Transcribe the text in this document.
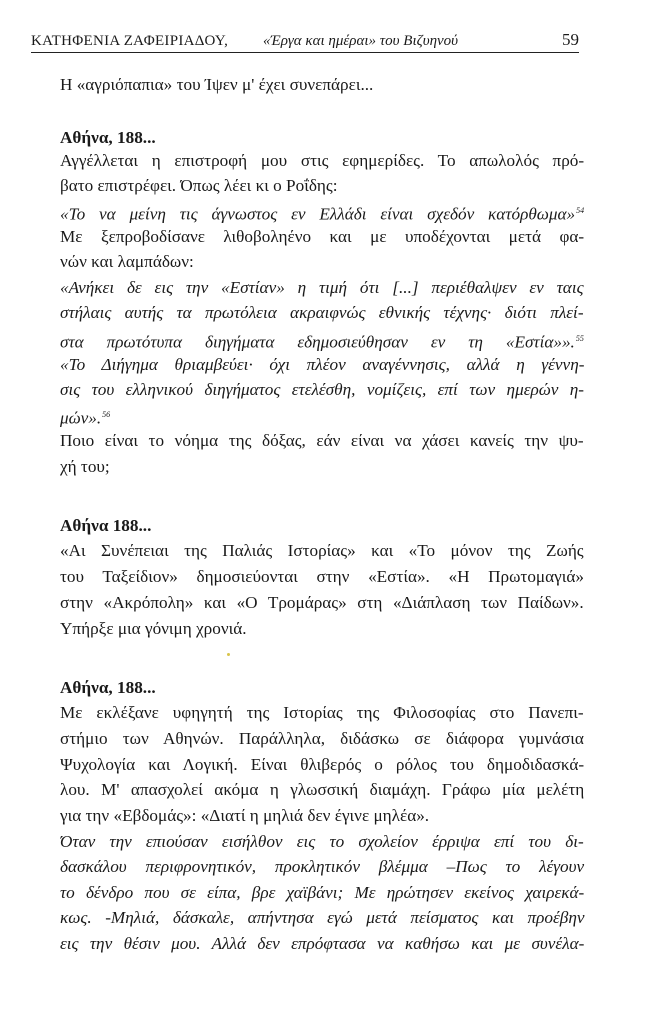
ΚΑΤΗΦΕΝΙΑ ΖΑΦΕΙΡΙΑΔΟΥ, «Έργα και ημέραι» του Βιζυηνού	59
Η «αγριόπαπια» του Ίψεν μ' έχει συνεπάρει...
Αθήνα, 188...
Αγγέλλεται η επιστροφή μου στις εφημερίδες. Το απωλολός πρό-
βατο επιστρέφει. Όπως λέει κι ο Ροΐδης:
«Το να μείνη τις άγνωστος εν Ελλάδι είναι σχεδόν κατόρθωμα»$^{54}$
Με ξεπροβοδίσανε λιθοβοληένο και με υποδέχονται μετά φα-
νών και λαμπάδων:
«Ανήκει δε εις την «Εστίαν» η τιμή ότι [...] περιέθαλψεν εν ταις
στήλαις αυτής τα πρωτόλεια ακραιφνώς εθνικής τέχνης· διότι πλεί-
στα πρωτότυπα διηγήματα εδημοσιεύθησαν εν τη «Εστία»».$^{55}$
«Το Διήγημα θριαμβεύει· όχι πλέον αναγέννησις, αλλά η γέννη-
σις του ελληνικού διηγήματος ετελέσθη, νομίζεις, επί των ημερών η-
μών».$^{56}$
Ποιο είναι το νόημα της δόξας, εάν είναι να χάσει κανείς την ψυ-
χή του;
Αθήνα 188...
«Αι Συνέπειαι της Παλιάς Ιστορίας» και «Το μόνον της Ζωής
του Ταξείδιον» δημοσιεύονται στην «Εστία». «Η Πρωτομαγιά»
στην «Ακρόπολη» και «Ο Τρομάρας» στη «Διάπλαση των Παίδων».
Υπήρξε μια γόνιμη χρονιά.
Αθήνα, 188...
Με εκλέξανε υφηγητή της Ιστορίας της Φιλοσοφίας στο Πανεπι-
στήμιο των Αθηνών. Παράλληλα, διδάσκω σε διάφορα γυμνάσια
Ψυχολογία και Λογική. Είναι θλιβερός ο ρόλος του δημοδιδασκά-
λου. Μ' απασχολεί ακόμα η γλωσσική διαμάχη. Γράφω μία μελέτη
για την «Εβδομάς»: «Διατί η μηλιά δεν έγινε μηλέα».
Όταν την επιούσαν εισήλθον εις το σχολείον έρριψα επί του δι-
δασκάλου περιφρονητικόν, προκλητικόν βλέμμα –Πως το λέγουν
το δένδρο που σε είπα, βρε χαϊβάνι; Με ηρώτησεν εκείνος χαιρεκά-
κως. -Μηλιά, δάσκαλε, απήντησα εγώ μετά πείσματος και προέβην
εις την θέσιν μου. Αλλά δεν επρόφτασα να καθήσω και με συνέλα-
